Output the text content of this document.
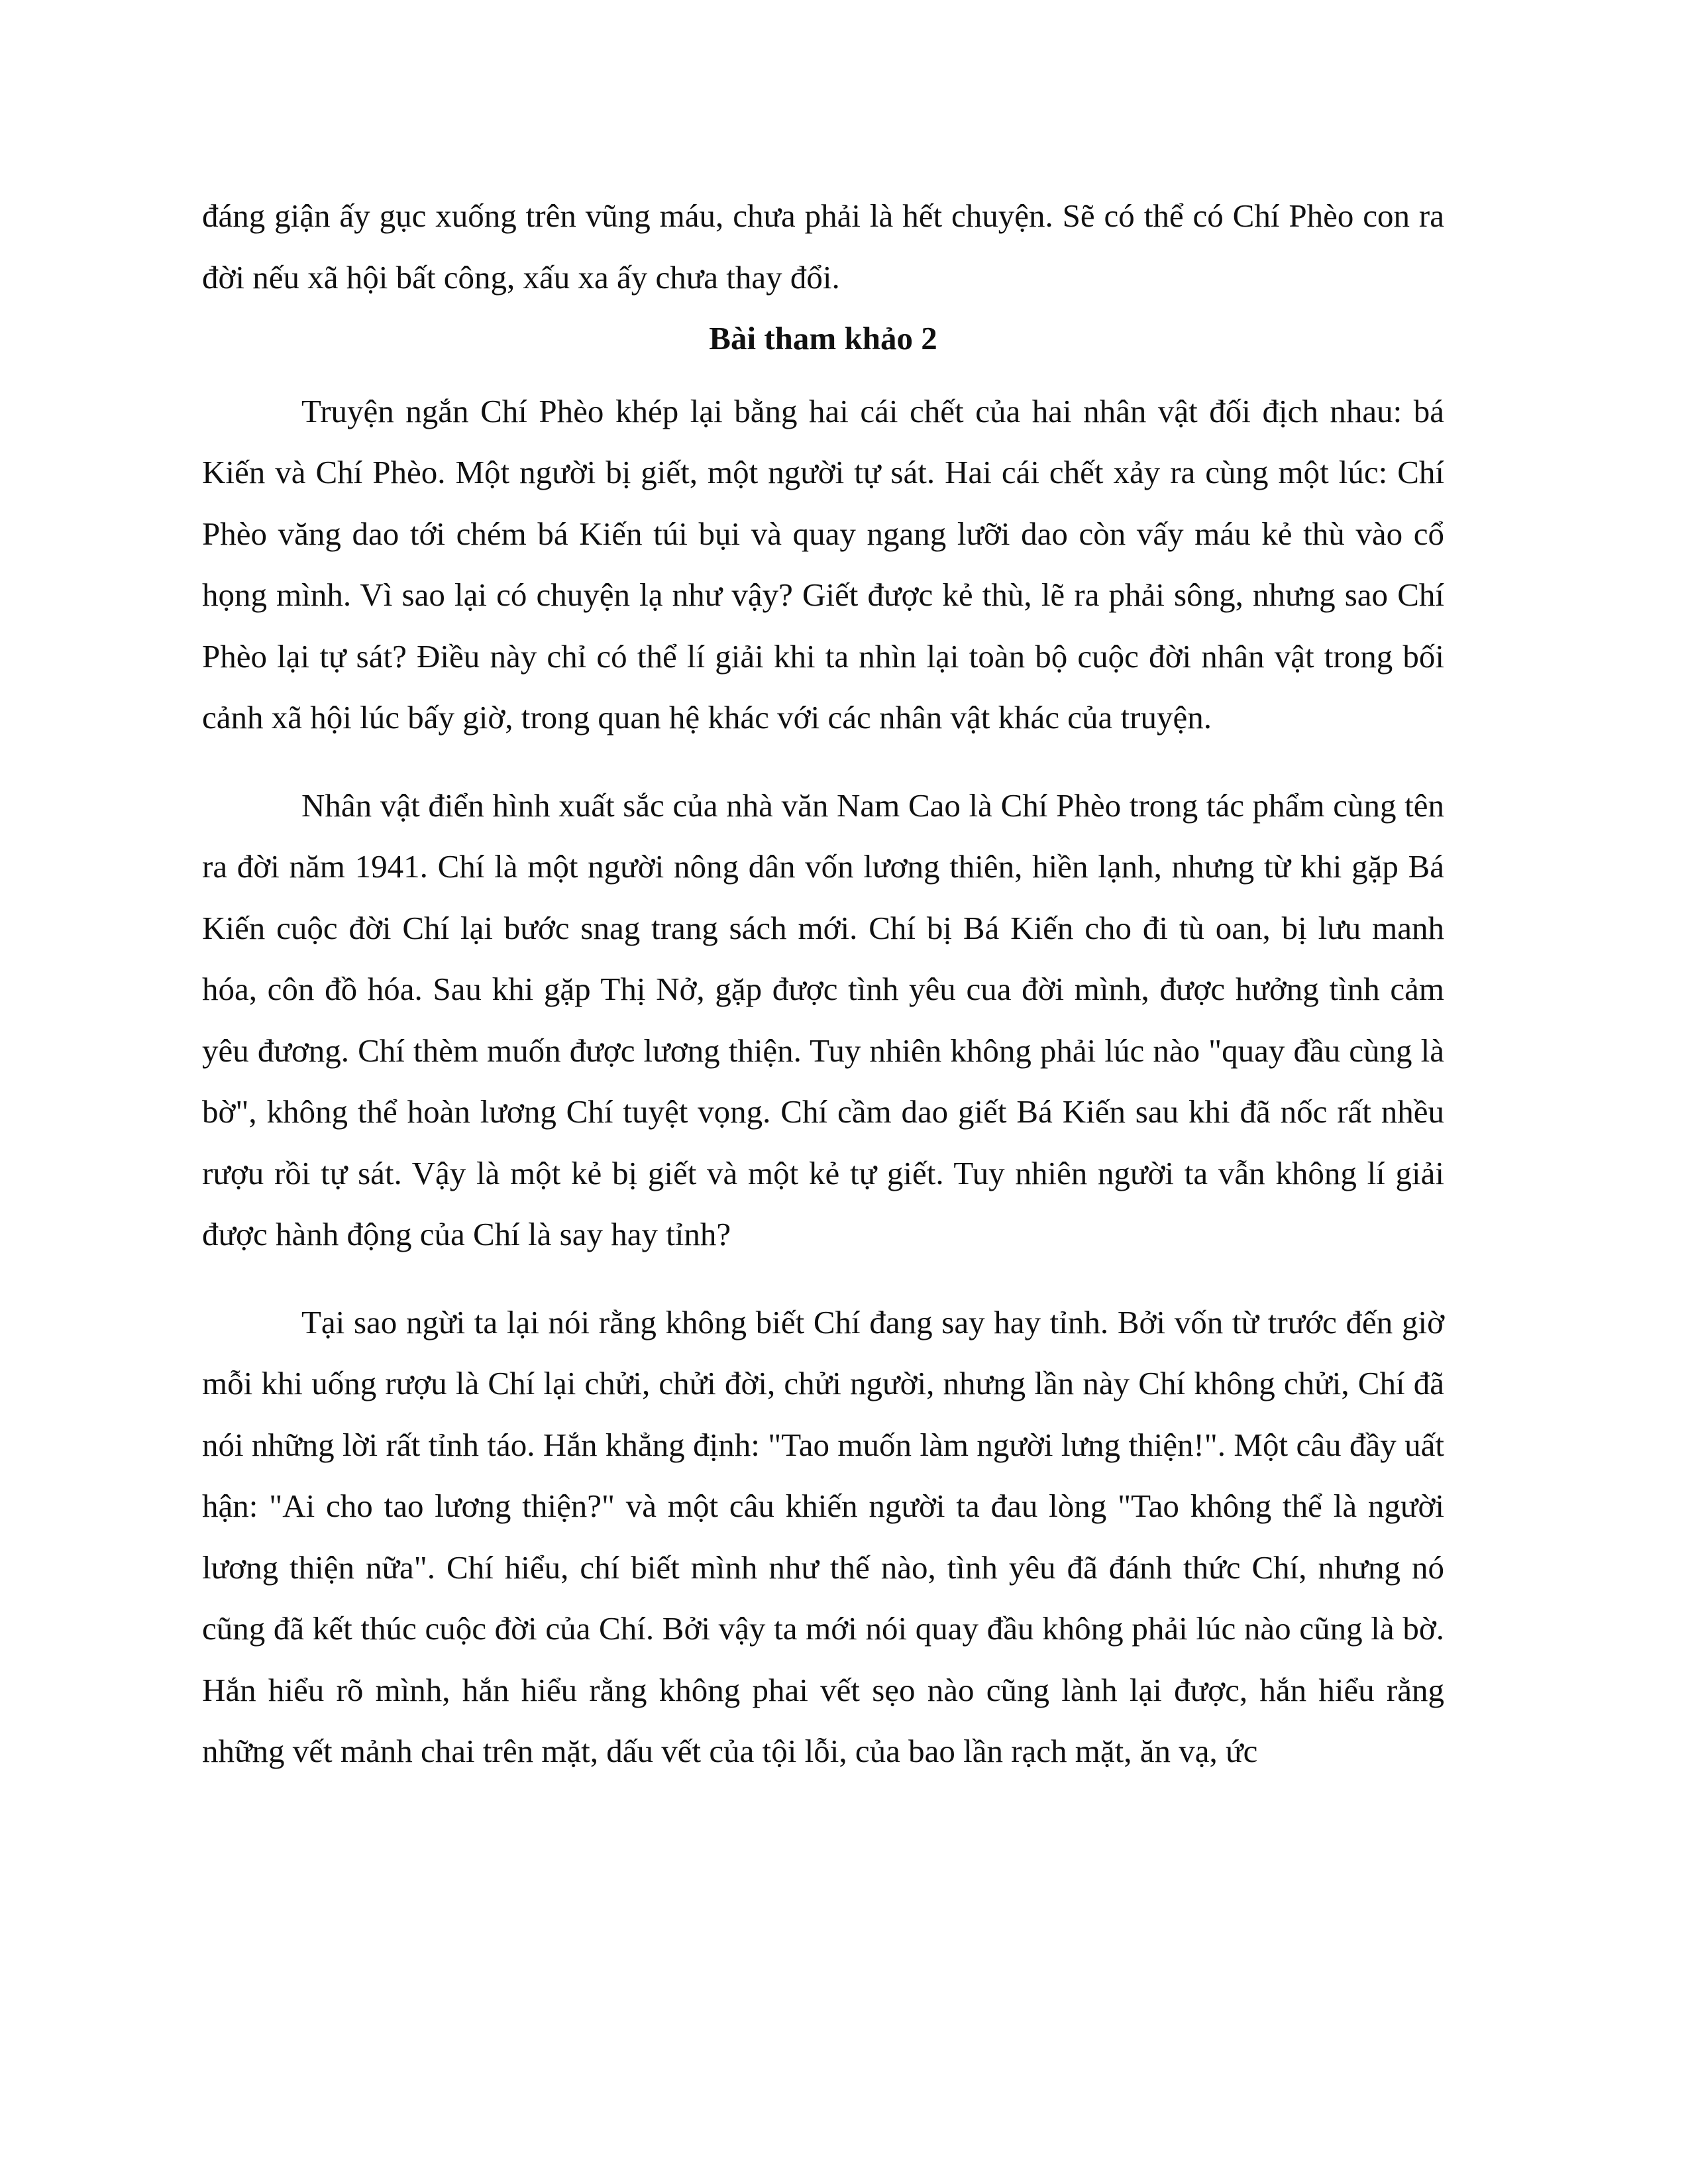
đáng giận ấy gục xuống trên vũng máu, chưa phải là hết chuyện. Sẽ có thể có Chí Phèo con ra đời nếu xã hội bất công, xấu xa ấy chưa thay đổi.

Bài tham khảo 2

Truyện ngắn Chí Phèo khép lại bằng hai cái chết của hai nhân vật đối địch nhau: bá Kiến và Chí Phèo. Một người bị giết, một người tự sát. Hai cái chết xảy ra cùng một lúc: Chí Phèo văng dao tới chém bá Kiến túi bụi và quay ngang lưỡi dao còn vấy máu kẻ thù vào cổ họng mình. Vì sao lại có chuyện lạ như vậy? Giết được kẻ thù, lẽ ra phải sông, nhưng sao Chí Phèo lại tự sát? Điều này chỉ có thể lí giải khi ta nhìn lại toàn bộ cuộc đời nhân vật trong bối cảnh xã hội lúc bấy giờ, trong quan hệ khác với các nhân vật khác của truyện.

Nhân vật điển hình xuất sắc của nhà văn Nam Cao là Chí Phèo trong tác phẩm cùng tên ra đời năm 1941. Chí là một người nông dân vốn lương thiên, hiền lạnh, nhưng từ khi gặp Bá Kiến cuộc đời Chí lại bước snag trang sách mới. Chí bị Bá Kiến cho đi tù oan, bị lưu manh hóa, côn đồ hóa. Sau khi gặp Thị Nở, gặp được tình yêu cua đời mình, được hưởng tình cảm yêu đương. Chí thèm muốn được lương thiện. Tuy nhiên không phải lúc nào "quay đầu cùng là bờ", không thể hoàn lương Chí tuyệt vọng. Chí cầm dao giết Bá Kiến sau khi đã nốc rất nhều rượu rồi tự sát. Vậy là một kẻ bị giết và một kẻ tự giết. Tuy nhiên người ta vẫn không lí giải được hành động của Chí là say hay tỉnh?

Tại sao ngừi ta lại nói rằng không biết Chí đang say hay tỉnh. Bởi vốn từ trước đến giờ mỗi khi uống rượu là Chí lại chửi, chửi đời, chửi người, nhưng lần này Chí không chửi, Chí đã nói những lời rất tỉnh táo. Hắn khẳng định: "Tao muốn làm người lưng thiện!". Một câu đầy uất hận: "Ai cho tao lương thiện?" và một câu khiến người ta đau lòng "Tao không thể là người lương thiện nữa". Chí hiểu, chí biết mình như thế nào, tình yêu đã đánh thức Chí, nhưng nó cũng đã kết thúc cuộc đời của Chí. Bởi vậy ta mới nói quay đầu không phải lúc nào cũng là bờ. Hắn hiểu rõ mình, hắn hiểu rằng không phai vết sẹo nào cũng lành lại được, hắn hiểu rằng những vết mảnh chai trên mặt, dấu vết của tội lỗi, của bao lần rạch mặt, ăn vạ, ức
